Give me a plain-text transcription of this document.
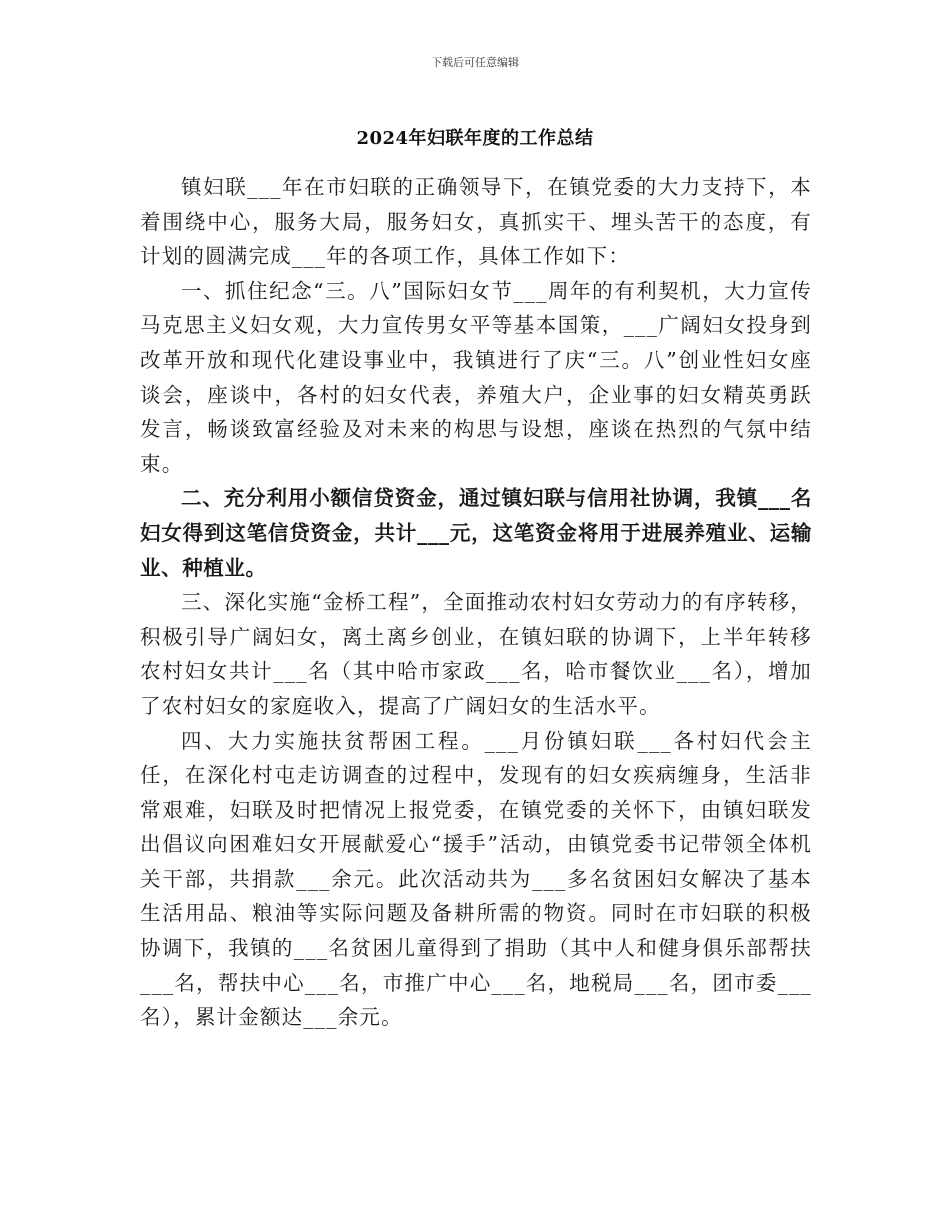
下载后可任意编辑
2024年妇联年度的工作总结

镇妇联___年在市妇联的正确领导下，在镇党委的大力支持下，本着围绕中心，服务大局，服务妇女，真抓实干、埋头苦干的态度，有计划的圆满完成___年的各项工作，具体工作如下：

一、抓住纪念“三。八”国际妇女节___周年的有利契机，大力宣传马克思主义妇女观，大力宣传男女平等基本国策，___广阔妇女投身到改革开放和现代化建设事业中，我镇进行了庆“三。八”创业性妇女座谈会，座谈中，各村的妇女代表，养殖大户，企业事的妇女精英勇跃发言，畅谈致富经验及对未来的构思与设想，座谈在热烈的气氛中结束。

二、充分利用小额信贷资金，通过镇妇联与信用社协调，我镇___名妇女得到这笔信贷资金，共计___元，这笔资金将用于进展养殖业、运输业、种植业。

三、深化实施“金桥工程”，全面推动农村妇女劳动力的有序转移，积极引导广阔妇女，离土离乡创业，在镇妇联的协调下，上半年转移农村妇女共计___名（其中哈市家政___名，哈市餐饮业___名），增加了农村妇女的家庭收入，提高了广阔妇女的生活水平。

四、大力实施扶贫帮困工程。___月份镇妇联___各村妇代会主任，在深化村屯走访调查的过程中，发现有的妇女疾病缠身，生活非常艰难，妇联及时把情况上报党委，在镇党委的关怀下，由镇妇联发出倡议向困难妇女开展献爱心“援手”活动，由镇党委书记带领全体机关干部，共捐款___余元。此次活动共为___多名贫困妇女解决了基本生活用品、粮油等实际问题及备耕所需的物资。同时在市妇联的积极协调下，我镇的___名贫困儿童得到了捐助（其中人和健身俱乐部帮扶___名，帮扶中心___名，市推广中心___名，地税局___名，团市委___名），累计金额达___余元。
